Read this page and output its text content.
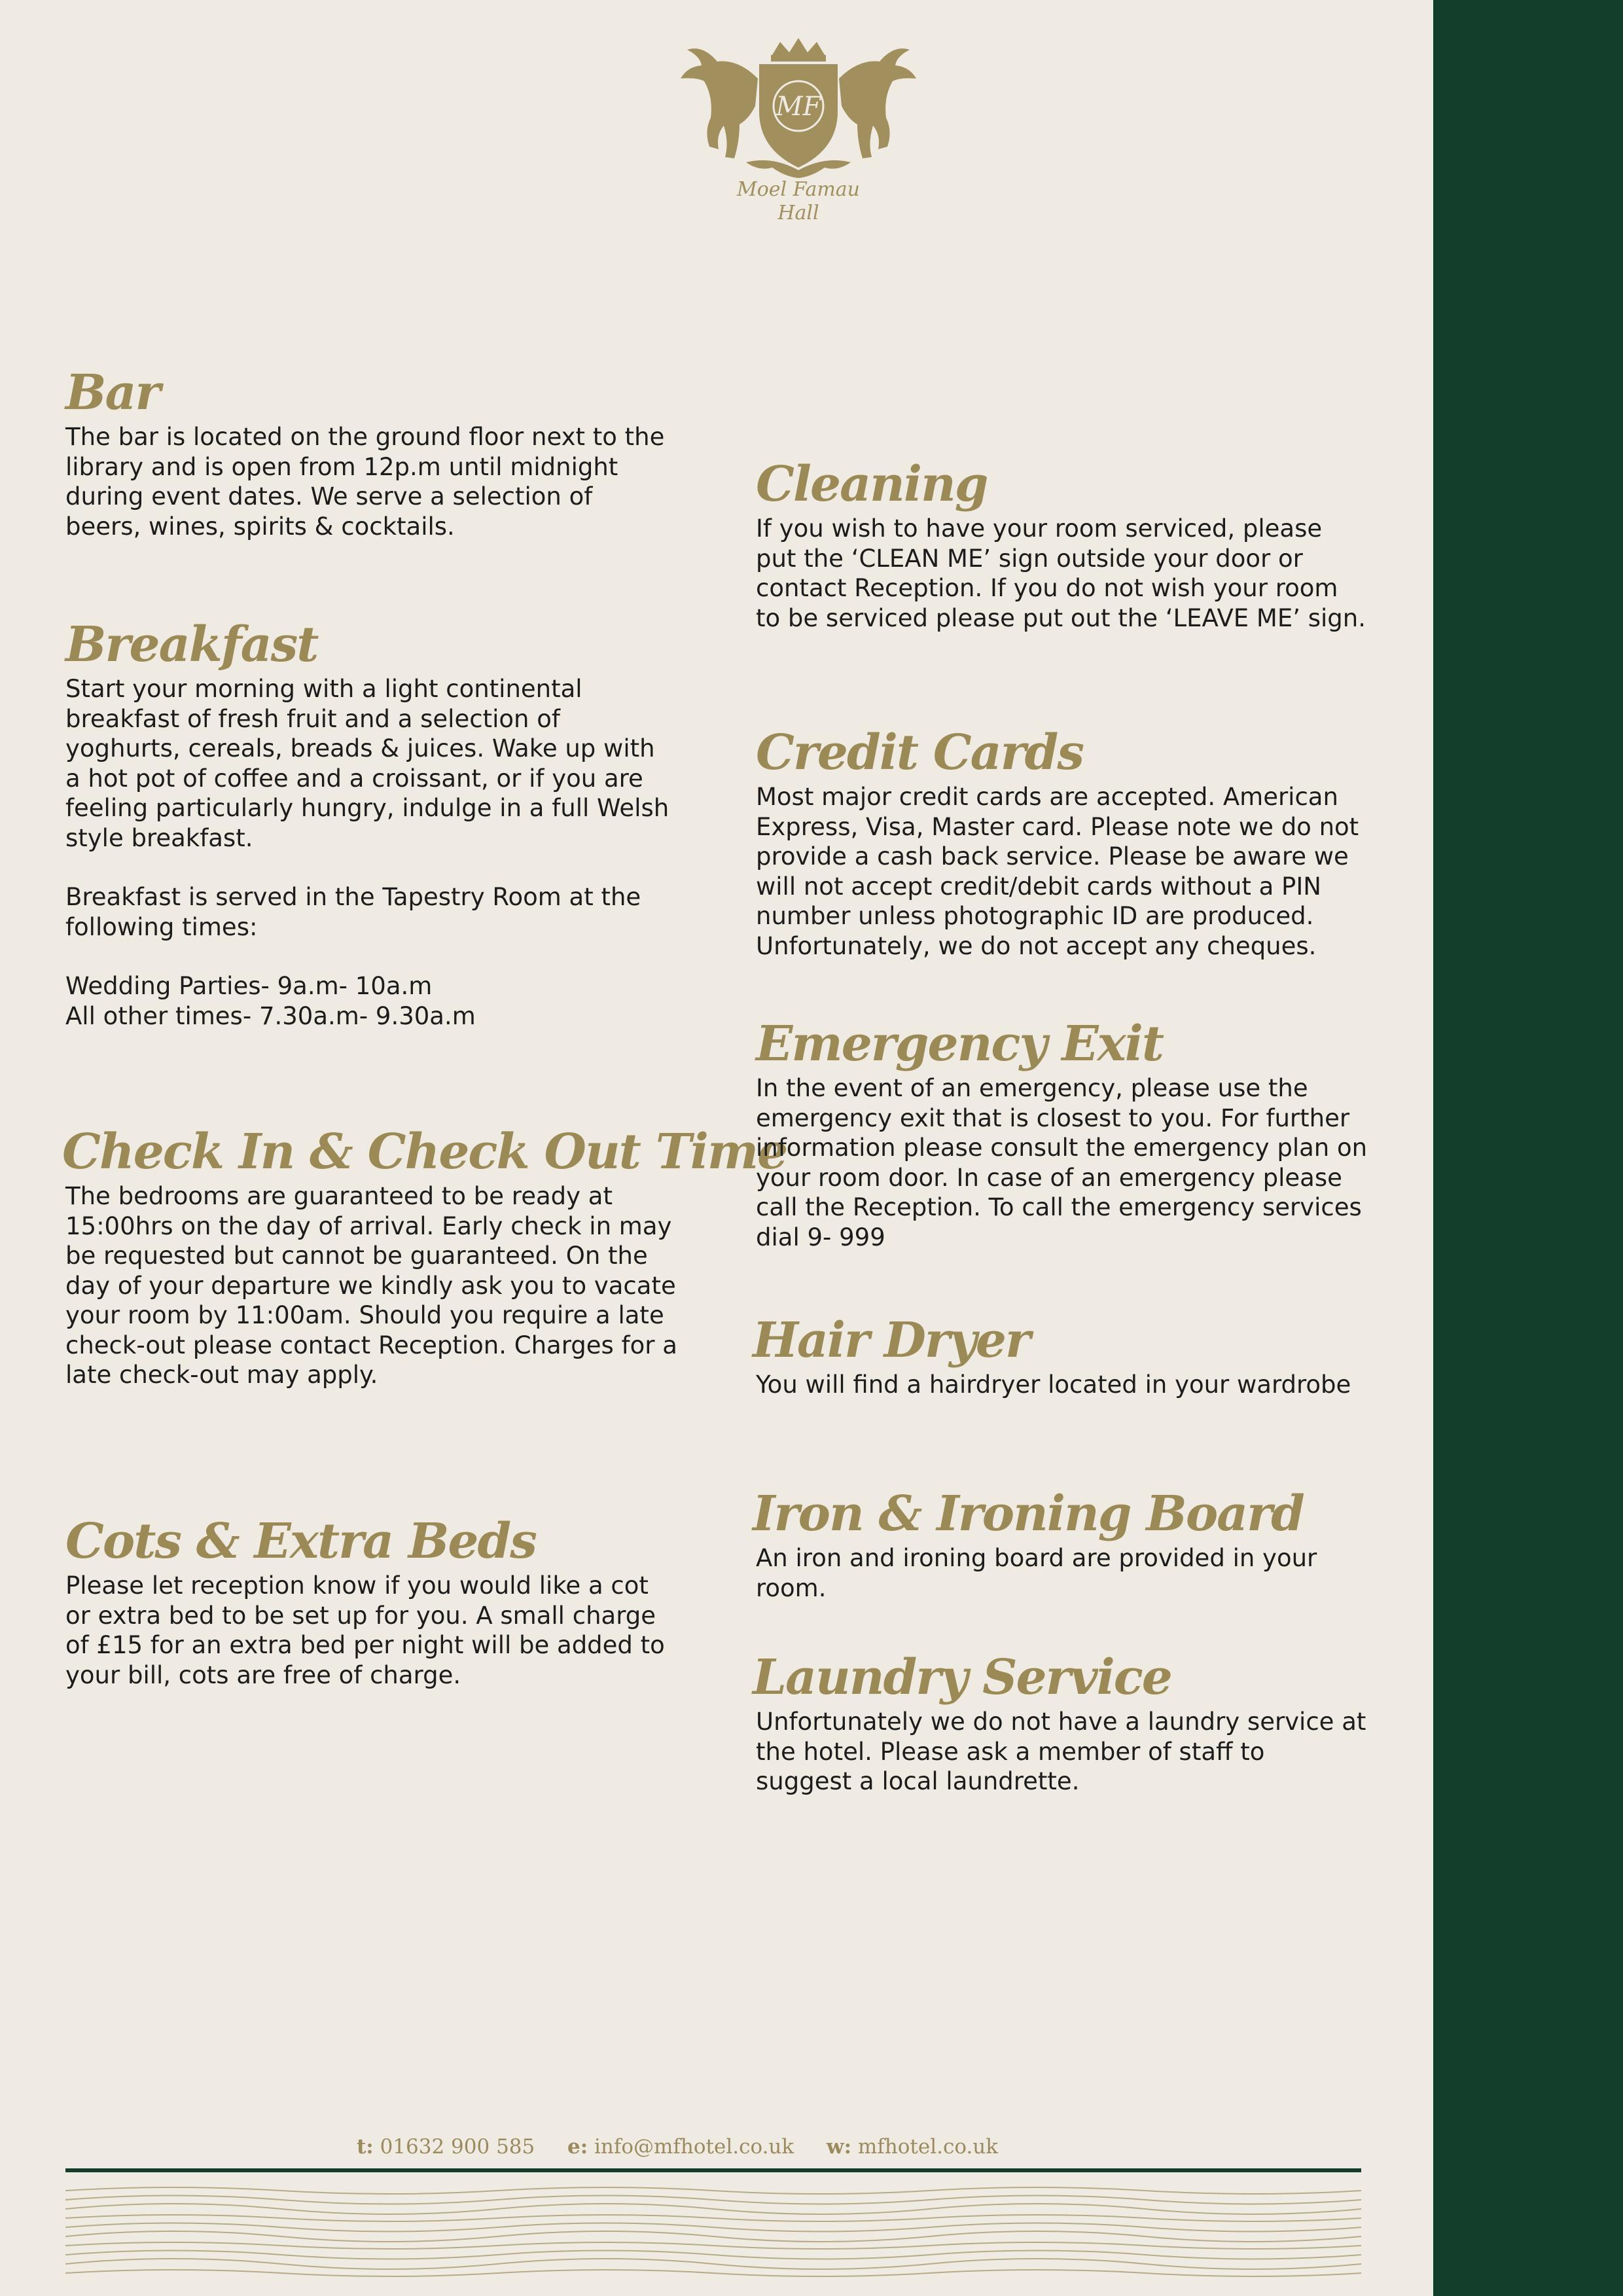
MF
Moel Famau
Hall
Bar

The bar is located on the ground floor next to the library and is open from 12p.m until midnight during event dates. We serve a selection of beers, wines, spirits & cocktails.

Breakfast

Start your morning with a light continental breakfast of fresh fruit and a selection of yoghurts, cereals, breads & juices. Wake up with a hot pot of coffee and a croissant, or if you are feeling particularly hungry, indulge in a full Welsh style breakfast.

Breakfast is served in the Tapestry Room at the following times:

Wedding Parties- 9a.m- 10a.m

All other times- 7.30a.m- 9.30a.m

Check In & Check Out Time

The bedrooms are guaranteed to be ready at 15:00hrs on the day of arrival. Early check in may be requested but cannot be guaranteed. On the day of your departure we kindly ask you to vacate your room by 11:00am. Should you require a late check-out please contact Reception. Charges for a late check-out may apply.

Cots & Extra Beds

Please let reception know if you would like a cot or extra bed to be set up for you. A small charge of £15 for an extra bed per night will be added to your bill, cots are free of charge.

Cleaning

If you wish to have your room serviced, please put the ‘CLEAN ME’ sign outside your door or contact Reception. If you do not wish your room to be serviced please put out the ‘LEAVE ME’ sign.

Credit Cards

Most major credit cards are accepted. American Express, Visa, Master card. Please note we do not provide a cash back service. Please be aware we will not accept credit/debit cards without a PIN number unless photographic ID are produced. Unfortunately, we do not accept any cheques.

Emergency Exit

In the event of an emergency, please use the emergency exit that is closest to you. For further information please consult the emergency plan on your room door. In case of an emergency please call the Reception. To call the emergency services dial 9- 999

Hair Dryer

You will find a hairdryer located in your wardrobe

Iron & Ironing Board

An iron and ironing board are provided in your room.

Laundry Service

Unfortunately we do not have a laundry service at the hotel. Please ask a member of staff to suggest a local laundrette.

t: 01632 900 585 e: info@mfhotel.co.uk w: mfhotel.co.uk
